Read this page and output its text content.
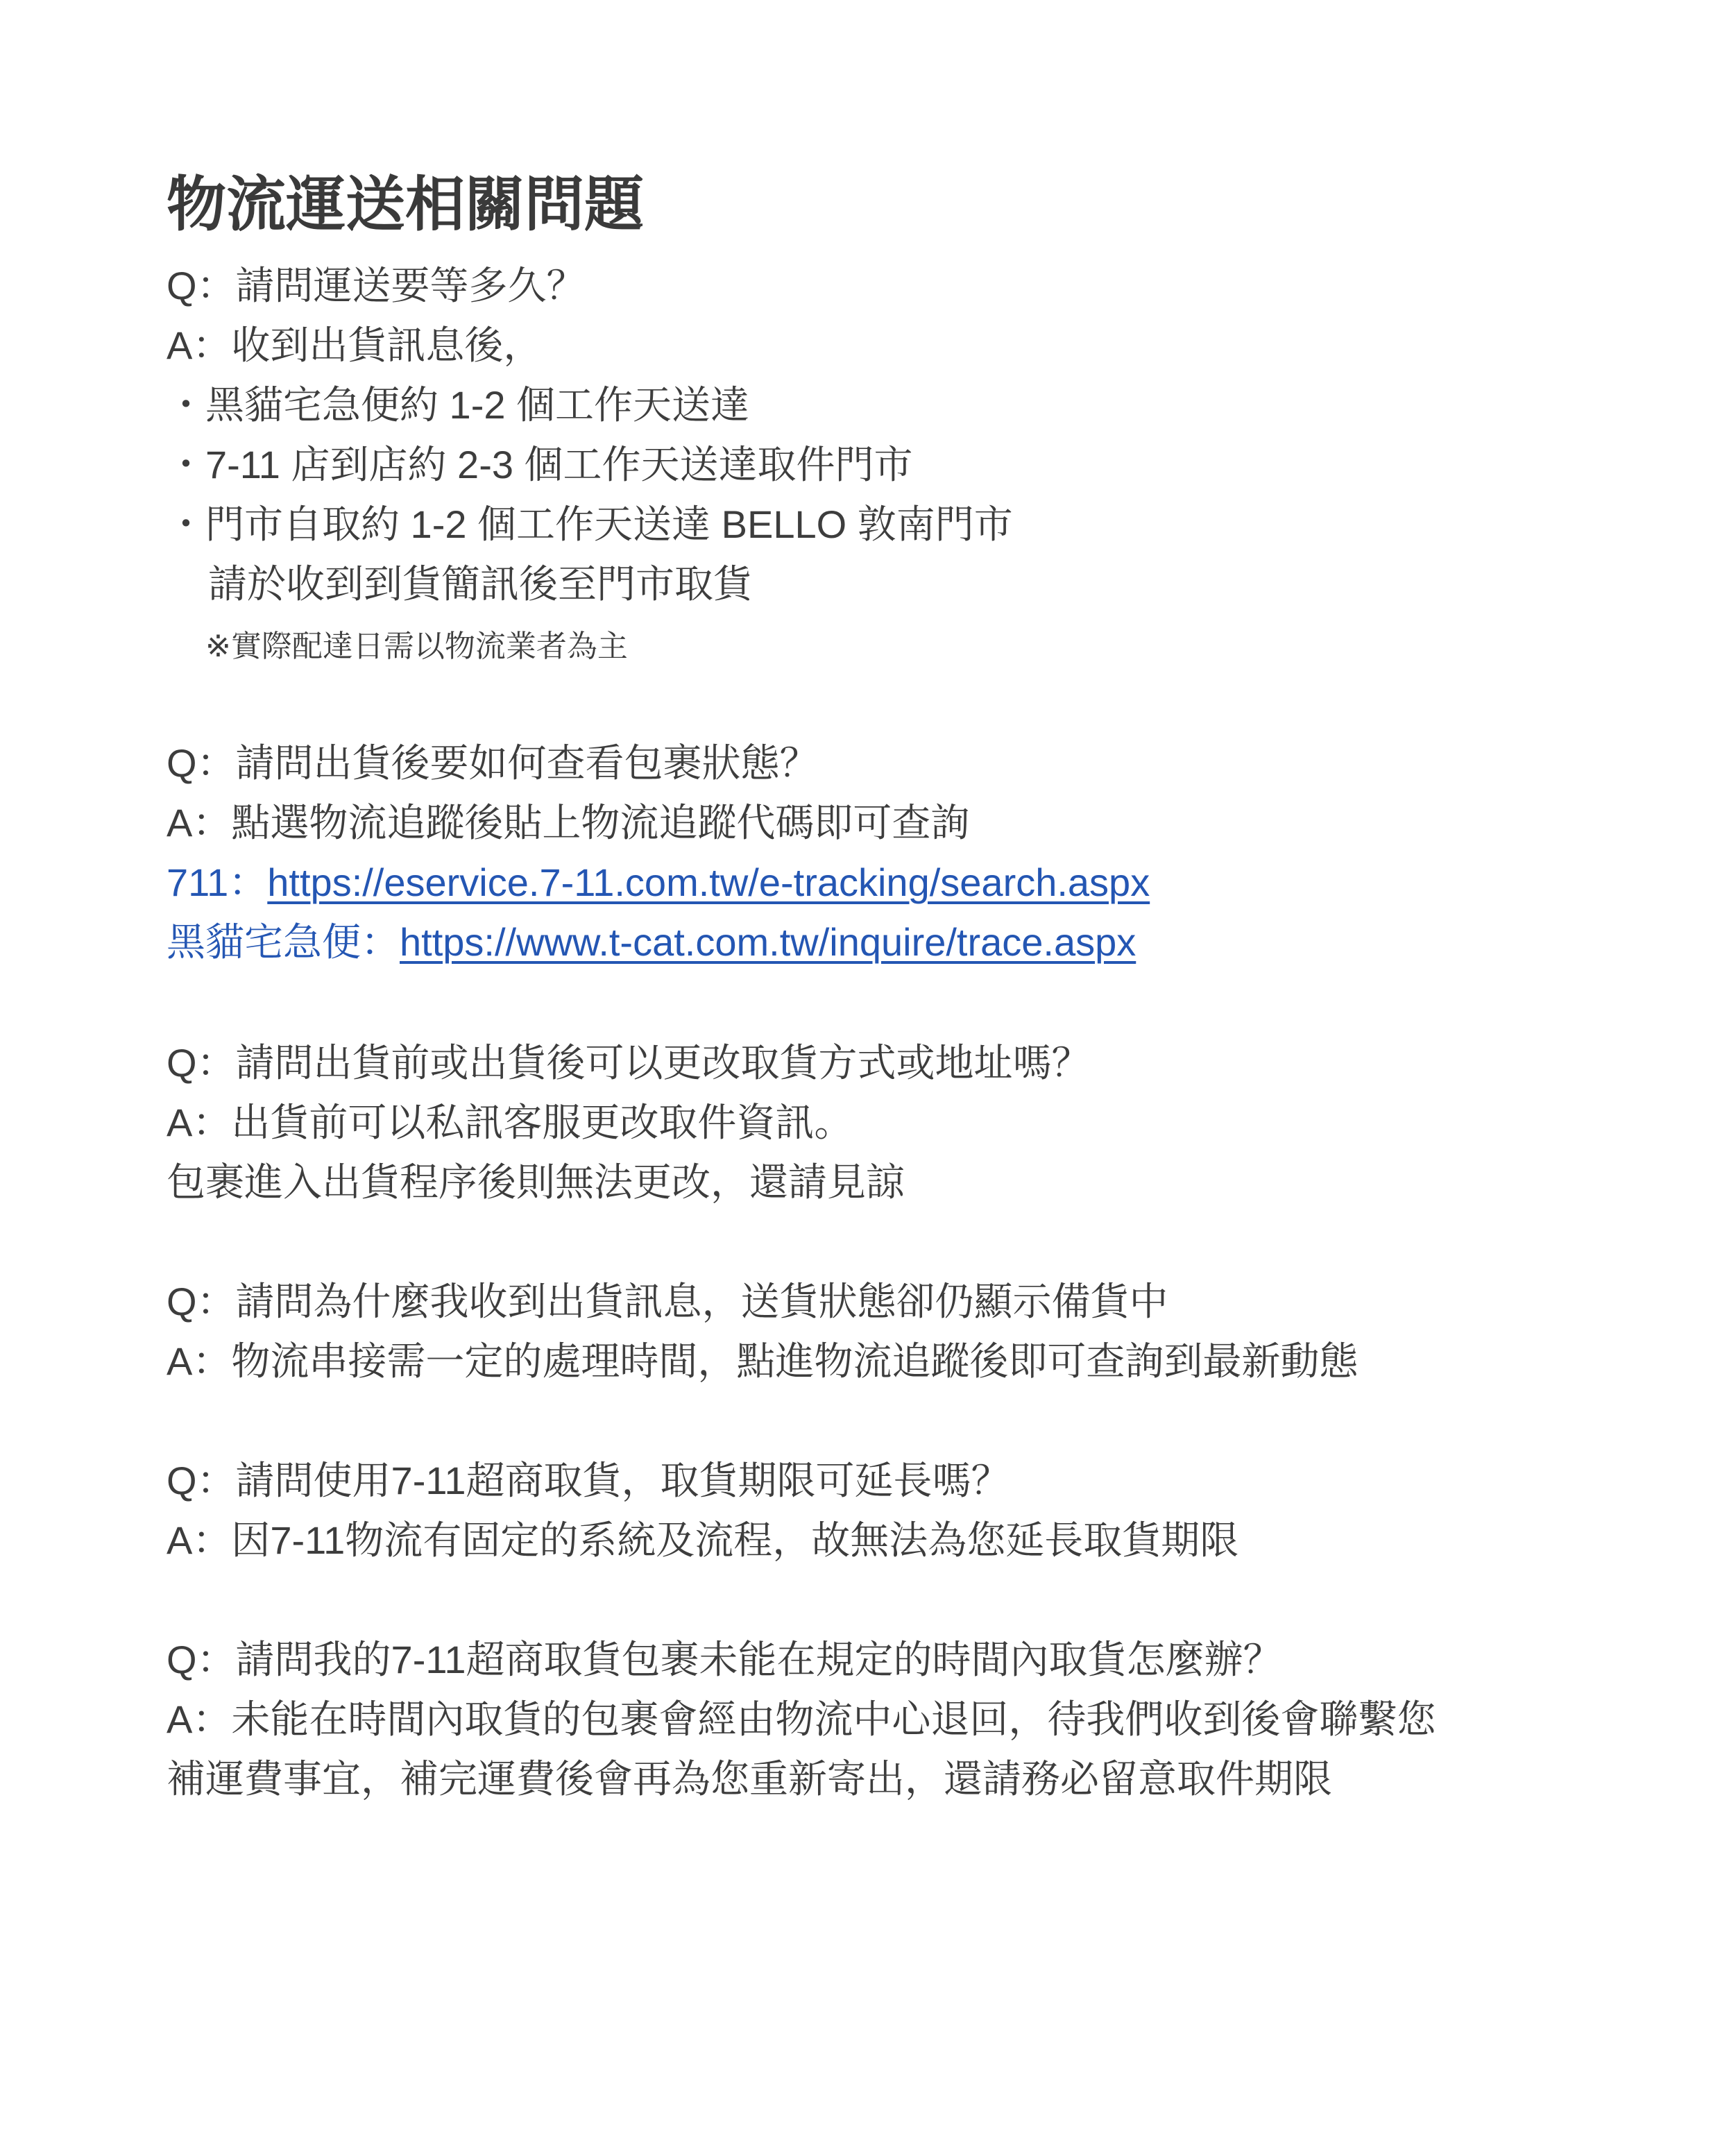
物流運送相關問題
Q：請問運送要等多久？
A：收到出貨訊息後，
・黑貓宅急便約 1-2 個工作天送達
・7-11 店到店約 2-3 個工作天送達取件門市
・門市自取約 1-2 個工作天送達 BELLO 敦南門市
請於收到到貨簡訊後至門市取貨
※實際配達日需以物流業者為主
Q：請問出貨後要如何查看包裹狀態？
A：點選物流追蹤後貼上物流追蹤代碼即可查詢
711：https://eservice.7-11.com.tw/e-tracking/search.aspx
黑貓宅急便：https://www.t-cat.com.tw/inquire/trace.aspx
Q：請問出貨前或出貨後可以更改取貨方式或地址嗎？
A：出貨前可以私訊客服更改取件資訊。
包裹進入出貨程序後則無法更改，還請見諒
Q：請問為什麼我收到出貨訊息，送貨狀態卻仍顯示備貨中
A：物流串接需一定的處理時間，點進物流追蹤後即可查詢到最新動態
Q：請問使用7-11超商取貨，取貨期限可延長嗎？
A：因7-11物流有固定的系統及流程，故無法為您延長取貨期限
Q：請問我的7-11超商取貨包裹未能在規定的時間內取貨怎麼辦？
A：未能在時間內取貨的包裹會經由物流中心退回，待我們收到後會聯繫您
補運費事宜，補完運費後會再為您重新寄出，還請務必留意取件期限
